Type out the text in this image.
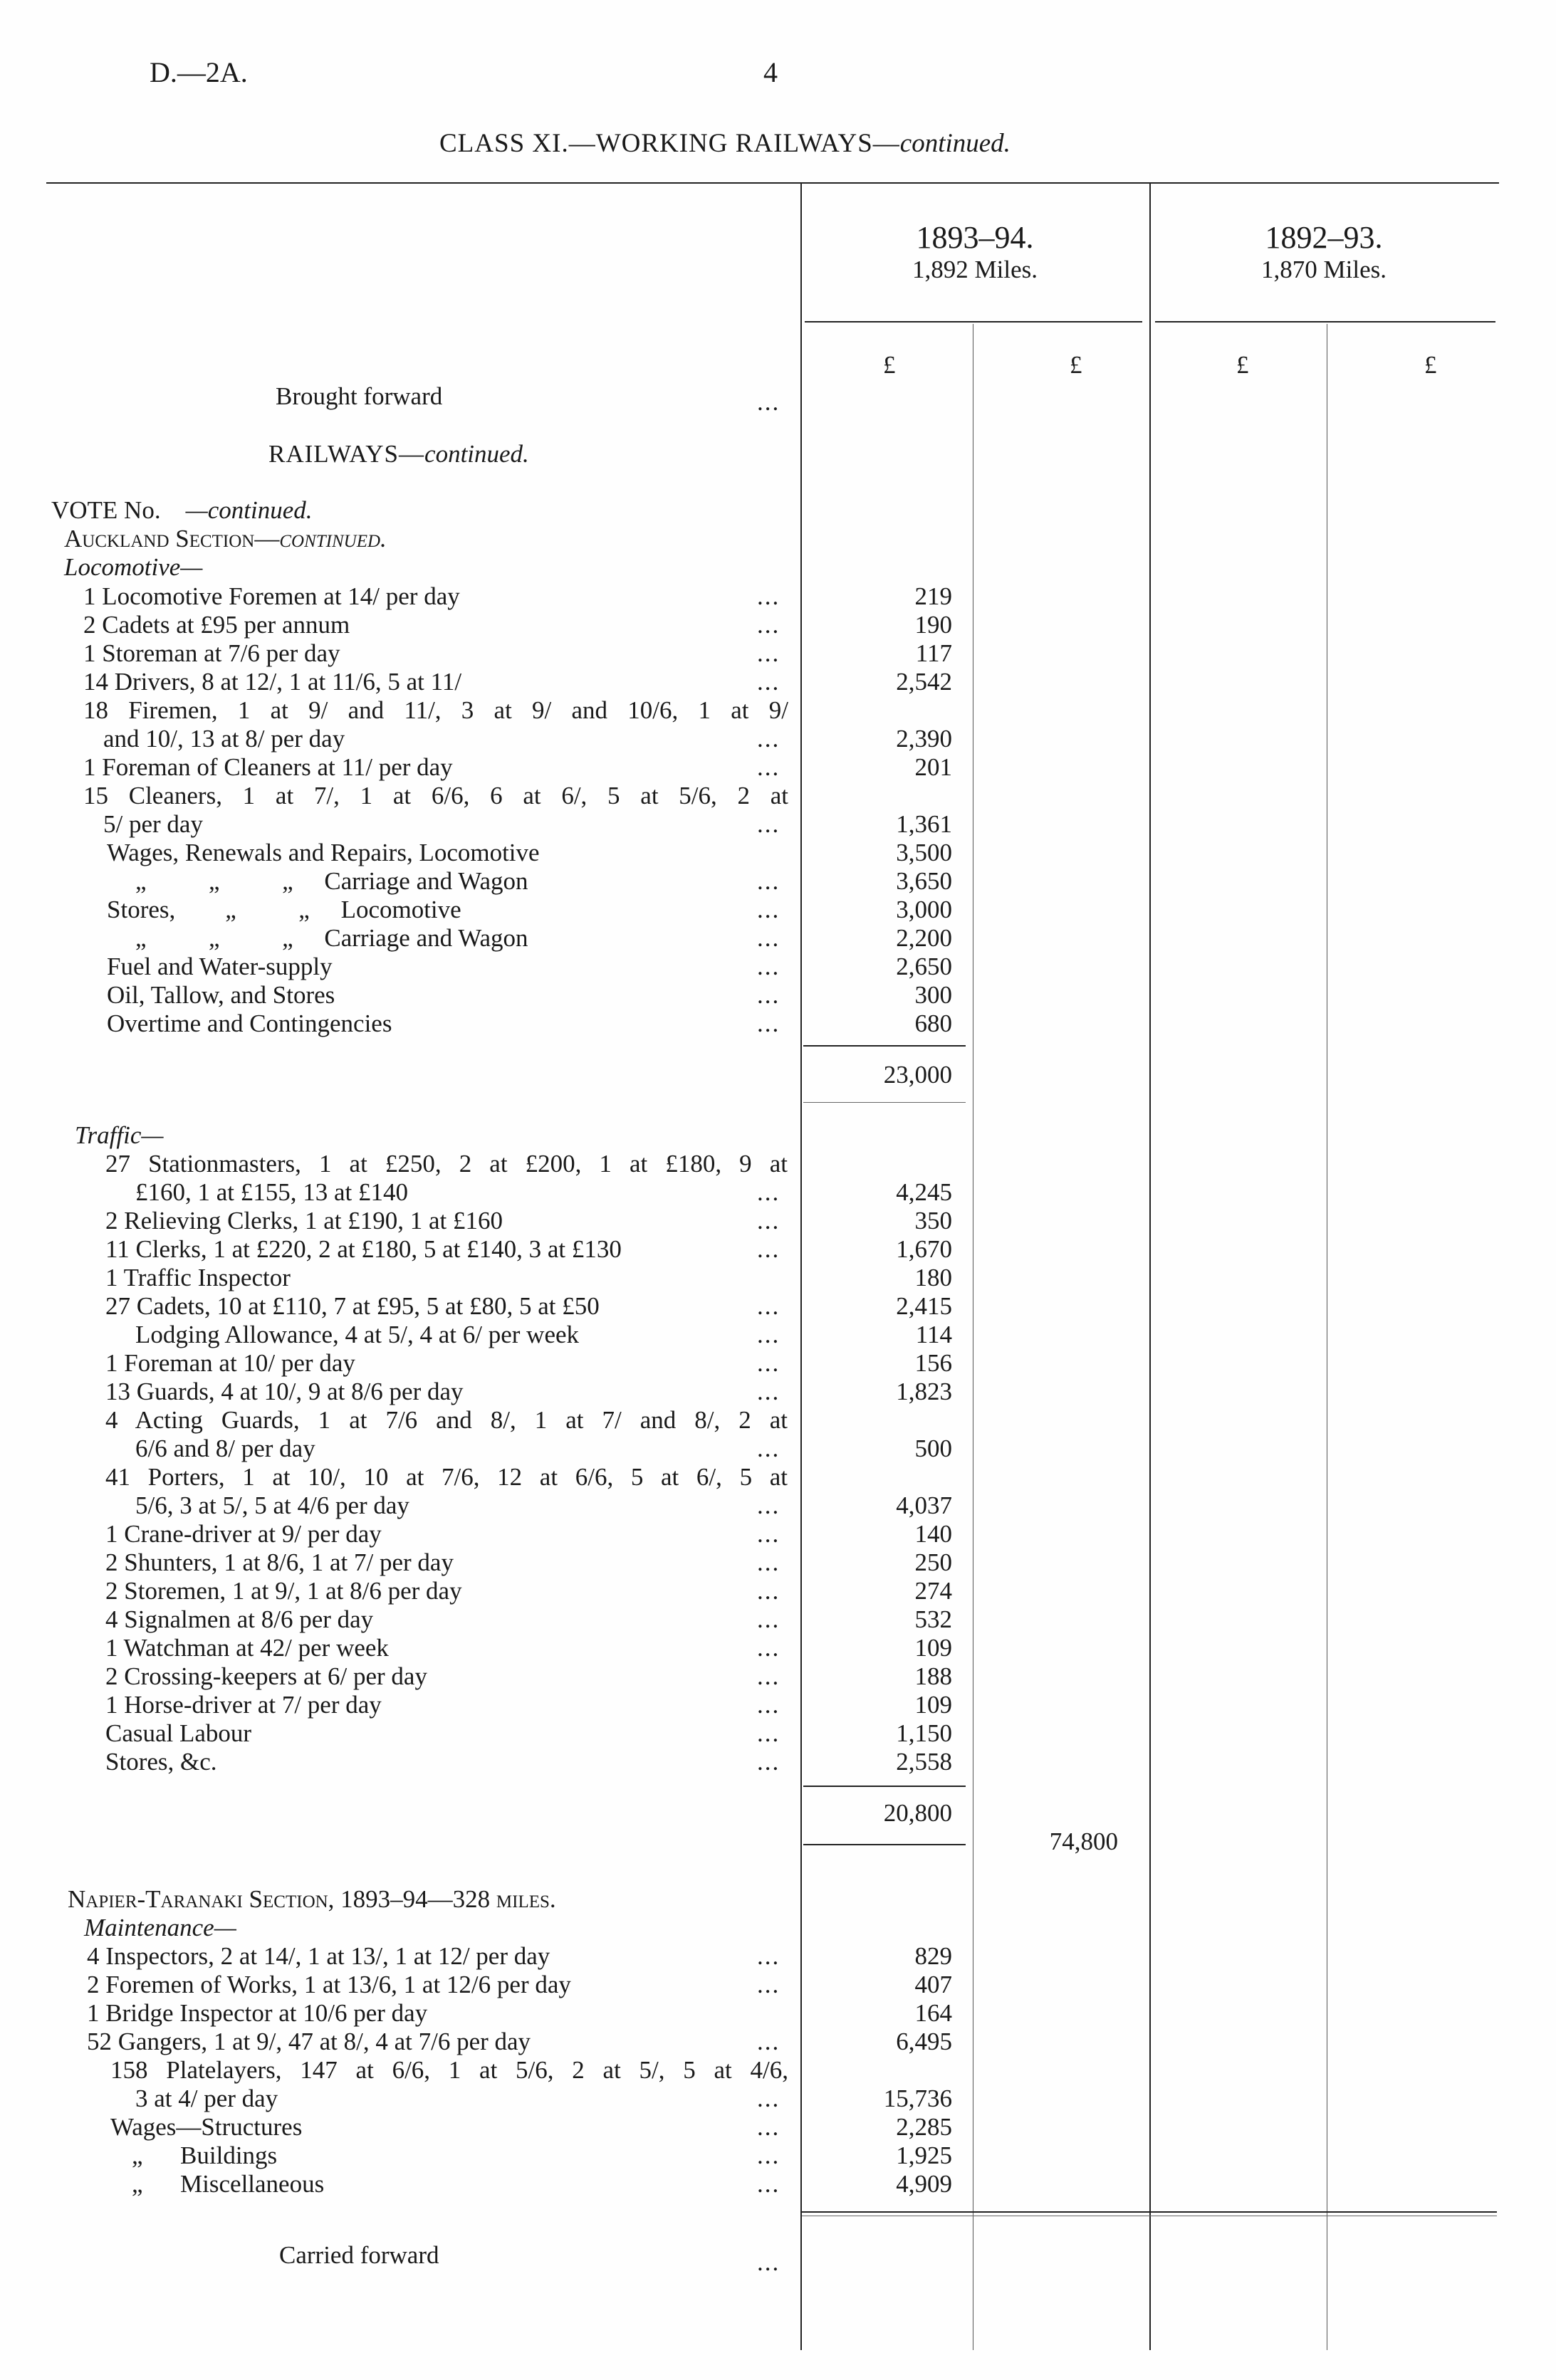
D.—2A.	4
CLASS XI.—WORKING RAILWAYS—continued.
1893–94.
1,892 Miles.
1892–93.
1,870 Miles.
£	£	£	£
Brought forward	...
RAILWAYS—continued.
VOTE No. —continued.
Auckland Section—continued.
Locomotive—
1 Locomotive Foremen at 14/ per day	...	219
2 Cadets at £95 per annum	...	190
1 Storeman at 7/6 per day	...	117
14 Drivers, 8 at 12/, 1 at 11/6, 5 at 11/	...	2,542
18 Firemen, 1 at 9/ and 11/, 3 at 9/ and 10/6, 1 at 9/
and 10/, 13 at 8/ per day	...	2,390
1 Foreman of Cleaners at 11/ per day	...	201
15 Cleaners, 1 at 7/, 1 at 6/6, 6 at 6/, 5 at 5/6, 2 at
5/ per day	...	1,361
Wages, Renewals and Repairs, Locomotive	3,500
„          „          „     Carriage and Wagon	...	3,650
Stores,        „          „     Locomotive	...	3,000
„          „          „     Carriage and Wagon	...	2,200
Fuel and Water-supply	...	2,650
Oil, Tallow, and Stores	...	300
Overtime and Contingencies	...	680
23,000
Traffic—
27 Stationmasters, 1 at £250, 2 at £200, 1 at £180, 9 at
£160, 1 at £155, 13 at £140	...	4,245
2 Relieving Clerks, 1 at £190, 1 at £160	...	350
11 Clerks, 1 at £220, 2 at £180, 5 at £140, 3 at £130	...	1,670
1 Traffic Inspector	180
27 Cadets, 10 at £110, 7 at £95, 5 at £80, 5 at £50	...	2,415
Lodging Allowance, 4 at 5/, 4 at 6/ per week	...	114
1 Foreman at 10/ per day	...	156
13 Guards, 4 at 10/, 9 at 8/6 per day	...	1,823
4 Acting Guards, 1 at 7/6 and 8/, 1 at 7/ and 8/, 2 at
6/6 and 8/ per day	...	500
41 Porters, 1 at 10/, 10 at 7/6, 12 at 6/6, 5 at 6/, 5 at
5/6, 3 at 5/, 5 at 4/6 per day	...	4,037
1 Crane-driver at 9/ per day	...	140
2 Shunters, 1 at 8/6, 1 at 7/ per day	...	250
2 Storemen, 1 at 9/, 1 at 8/6 per day	...	274
4 Signalmen at 8/6 per day	...	532
1 Watchman at 42/ per week	...	109
2 Crossing-keepers at 6/ per day	...	188
1 Horse-driver at 7/ per day	...	109
Casual Labour	...	1,150
Stores, &c.	...	2,558
20,800
74,800
Napier-Taranaki Section, 1893–94—328 miles.
Maintenance—
4 Inspectors, 2 at 14/, 1 at 13/, 1 at 12/ per day	...	829
2 Foremen of Works, 1 at 13/6, 1 at 12/6 per day	...	407
1 Bridge Inspector at 10/6 per day	164
52 Gangers, 1 at 9/, 47 at 8/, 4 at 7/6 per day	...	6,495
158 Platelayers, 147 at 6/6, 1 at 5/6, 2 at 5/, 5 at 4/6,
3 at 4/ per day	...	15,736
Wages—Structures	...	2,285
„      Buildings	...	1,925
„      Miscellaneous	...	4,909
Carried forward	...
